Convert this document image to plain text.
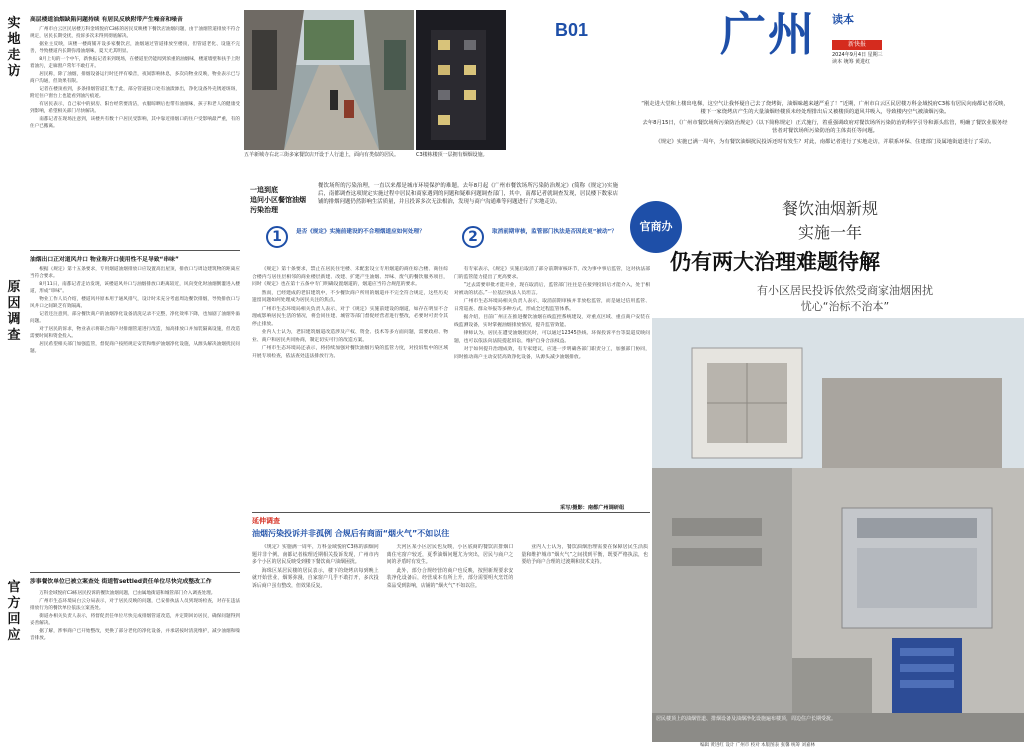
实地走访
原因调查
官方回应
高层楼道油烟缺陷问题持续 有居民反映附带产生噪音和噪音

广州市白云区民居楼万科金域悦府C3栋的居民反映楼下餐饮店油烟问题，由于油烟管道排放不符合规定，居民长期受扰，投诉多次未得到彻底解决。

据业主反映，该楼一楼商铺开设多家餐饮店，油烟通过管道排放至楼顶，但管道老化、设施不完善，导致楼道内长期弥漫油烟味，夏天尤其明显。

8月上旬的一个中午，新快报记者来到现场，在楼道里仍能闻到浓重的油烟味，楼道墙壁和扶手上附着油污，走廊窗户常年不敢打开。

居民称，除了油烟，排烟设备运行时还伴有噪音，夜间影响休息，多次向物业反映，物业表示已与商户沟通，但效果有限。

记者在楼顶看到，多条排烟管道汇集于此，部分管道接口处有油渍渗出，净化设备外壳锈迹斑斑，附近住户窗台上也能看到油污痕迹。

有居民表示，自己家中的厨房、阳台经常要清洁，衣服晾晒后也带有油烟味，孩子和老人的健康受到影响，希望相关部门尽快解决。

南都记者在现场注意到，该楼共有数十户居民受影响，其中靠近排烟口的住户受影响最严重，有的住户已搬离。

油烟出口正对道风井口 物业称开口使用性不足导致“串味”

根据《规定》第十五条要求，专用烟道油烟排放口应设置高出屋顶，排放口与周边建筑物的距离应当符合要求。

8月11日，南都记者走访发现，该楼道风井口与油烟排放口距离较近，风向变化时油烟倒灌进入楼道，形成“串味”。

物业工作人员介绍，楼道风井原本用于通风排气，设计时未充分考虑周边餐饮排烟，导致排放口与风井口之间缺乏有效隔离。

记者还注意到，部分餐饮商户的油烟净化设备清洗记录不完整，净化效率下降，也加剧了油烟外溢问题。

对于居民的诉求，物业表示将联合商户对排烟管道进行改造，加高排放口并加装隔离设施，但改造需要时间和资金投入。

居民希望相关部门加强监管，督促商户按照规定安装和维护油烟净化设施，从源头解决油烟扰民问题。

涉事餐饮单位已被立案查处 街道暂settled责任单位尽快完成整改工作

万科金域悦府C3栋居民投诉的餐饮油烟问题，已由属地街道和城管部门介入调查处理。

广州市生态环境局白云分局表示，对于居民反映的问题，已安排执法人员到现场检查，对存在违法排放行为的餐饮单位依法立案查处。

街道办相关负责人表示，将督促责任单位尽快完成排烟管道改造，并定期回访居民，确保问题得到妥善解决。

据了解，涉事商户已开始整改，更换了部分老化的净化设备，并承诺按时清洗维护，减少油烟和噪音排放。

五羊新城寺右北三街多家餐饮店开设于人行道上，面向有类似的居民。	C3楼栋楼顶一层拥有烟烟设施。
B01	广州 读本
新快报
2024年9月4日 星期三
读本 统筹 黄进红
“刚走进大堂和上楼出电梯，这空气让我怀疑自己去了烧烤街，油烟味越来越严重了！”近期，广州市白云区民居楼万科金域悦府C3栋有居民向南都记者反映，楼下一家烧烤店产生的大量油烟经楼顶未经处理排出后又被楼顶的道风井吸入，导致楼内空气被油烟污染。
去年8月15日，《广州市餐饮场所污染防治规定》（以下简称规定）正式施行，着重强调政府对餐饮场所污染防治的科学引导和源头监管，明确了餐饮业服务经营者对餐饮场所污染防治的主体责任等问题。
《规定》实施已满一周年，为有餐饮油烟扰民投诉还时有发生？对此，南都记者进行了实地走访，并联系环保、住建部门及属地街道进行了采访。
一追到底
追问小区餐馆油烟污染治理
餐饮场所的污染治理，一直以来都是城市环境保护的难题。去年8月起《广州市餐饮场所污染防治规定》(简称《规定》)实施后，南都调查这项规定实施过程中居民和商家遇到的问题和疑难问题调查部门，其中，南都记者就调查发现，居民楼下数家店铺的排烟问题仍然影响生活质量，并且投诉多次无法根治，发现与商户沟通难等问题进行了实地走访。
官商办
餐饮油烟新规
实施一年
仍有两大治理难题待解
有小区居民投诉依然受商家油烟困扰
忧心“治标不治本”
1	是否《规定》实施前建设的不合理烟道应如何处理？	2	取消前期审核，监管部门执法是否因此更“被动”？

《规定》第十条要求，禁止在居民住宅楼、未配套设立专用烟道的商住综合楼、商住综合楼内与居住层相邻的商业楼层新建、改建、扩建产生油烟、异味、废气的餐饮服务项目，同时《规定》也在第十五条中专门明确设置烟道的，烟道应当符合规范的要求。

然而，已经建成的老旧建筑中，不少餐饮商户所用的烟道并不完全符合规定，这些历史遗留问题如何处理成为居民关注的焦点。

广州市生态环境局相关负责人表示，对于《规定》实施前建设的烟道，如存在明显不合理或影响居民生活的情况，将会同住建、城管等部门督促经营者进行整改，必要时可责令其停止排放。

业内人士认为，老旧建筑烟道改造涉及产权、资金、技术等多方面问题，需要政府、物业、商户和居民共同协商，制定切实可行的改造方案。

广州市生态环境局还表示，将持续加强对餐饮油烟污染的监管力度，对投诉集中的区域开展专项检查，依法查处违法排放行为。

有专家表示，《规定》实施后取消了部分前期审核环节，改为事中事后监管，这对执法部门的监管能力提出了更高要求。

“过去需要审批才能开业，现在取消后，监管部门往往是在接到投诉后才能介入，处于相对被动的状态。”一位基层执法人员坦言。

广州市生态环境局相关负责人表示，取消前期审核并非放松监管，而是通过信用监管、日常巡查、群众举报等多种方式，形成全过程监管体系。

据介绍，目前广州正在推进餐饮油烟在线监控系统建设，对重点区域、重点商户安装在线监测设备，实时掌握油烟排放情况，提升监管效能。

律师认为，居民在遭受油烟扰民时，可以通过12345热线、环保投诉平台等渠道反映问题，也可以依法向法院提起诉讼，维护自身合法权益。

对于如何提升治理成效，有专家建议，应进一步明确各部门职责分工，加强部门协同，同时推动商户主动安装高效净化设备，从源头减少油烟排放。

采写/摄影：南都广州调研组
延伸调查
油烟污染投诉并非孤例 合规后有商面“烟火气”不如以往

《规定》实施满一周年，万科金域悦府C3栋的油烟问题并非个例。南都记者梳理近期相关投诉发现，广州市内多个小区的居民反映受到楼下餐饮商户油烟困扰。

海珠区某居民楼的居民表示，楼下的烧烤店每到晚上就开始营业，烟雾弥漫，自家窗户几乎不敢打开，多次投诉后商户虽有整改，但效果反复。

天河区某小区居民也反映，小区底商的餐饮店排烟口离住宅窗户较近，夏季油烟问题尤为突出，居民与商户之间的矛盾时有发生。

此外，部分合规经营的商户也反映，按照新规要求安装净化设备后，经营成本有所上升，部分需要明火烹饪的菜品受到影响，店铺的“烟火气”不如以往。

业内人士认为，餐饮油烟治理需要在保障居民生活质量和维护城市“烟火气”之间找到平衡，既要严格执法，也要给予商户合理的过渡期和技术支持。

居民楼顶上的油烟管道、排烟设备及油烟净化设施遍布楼顶，周边住户长期受扰。
编辑 黄进红 设计 广州市 校对 本版图表 张馨 统筹 刘嘉林
